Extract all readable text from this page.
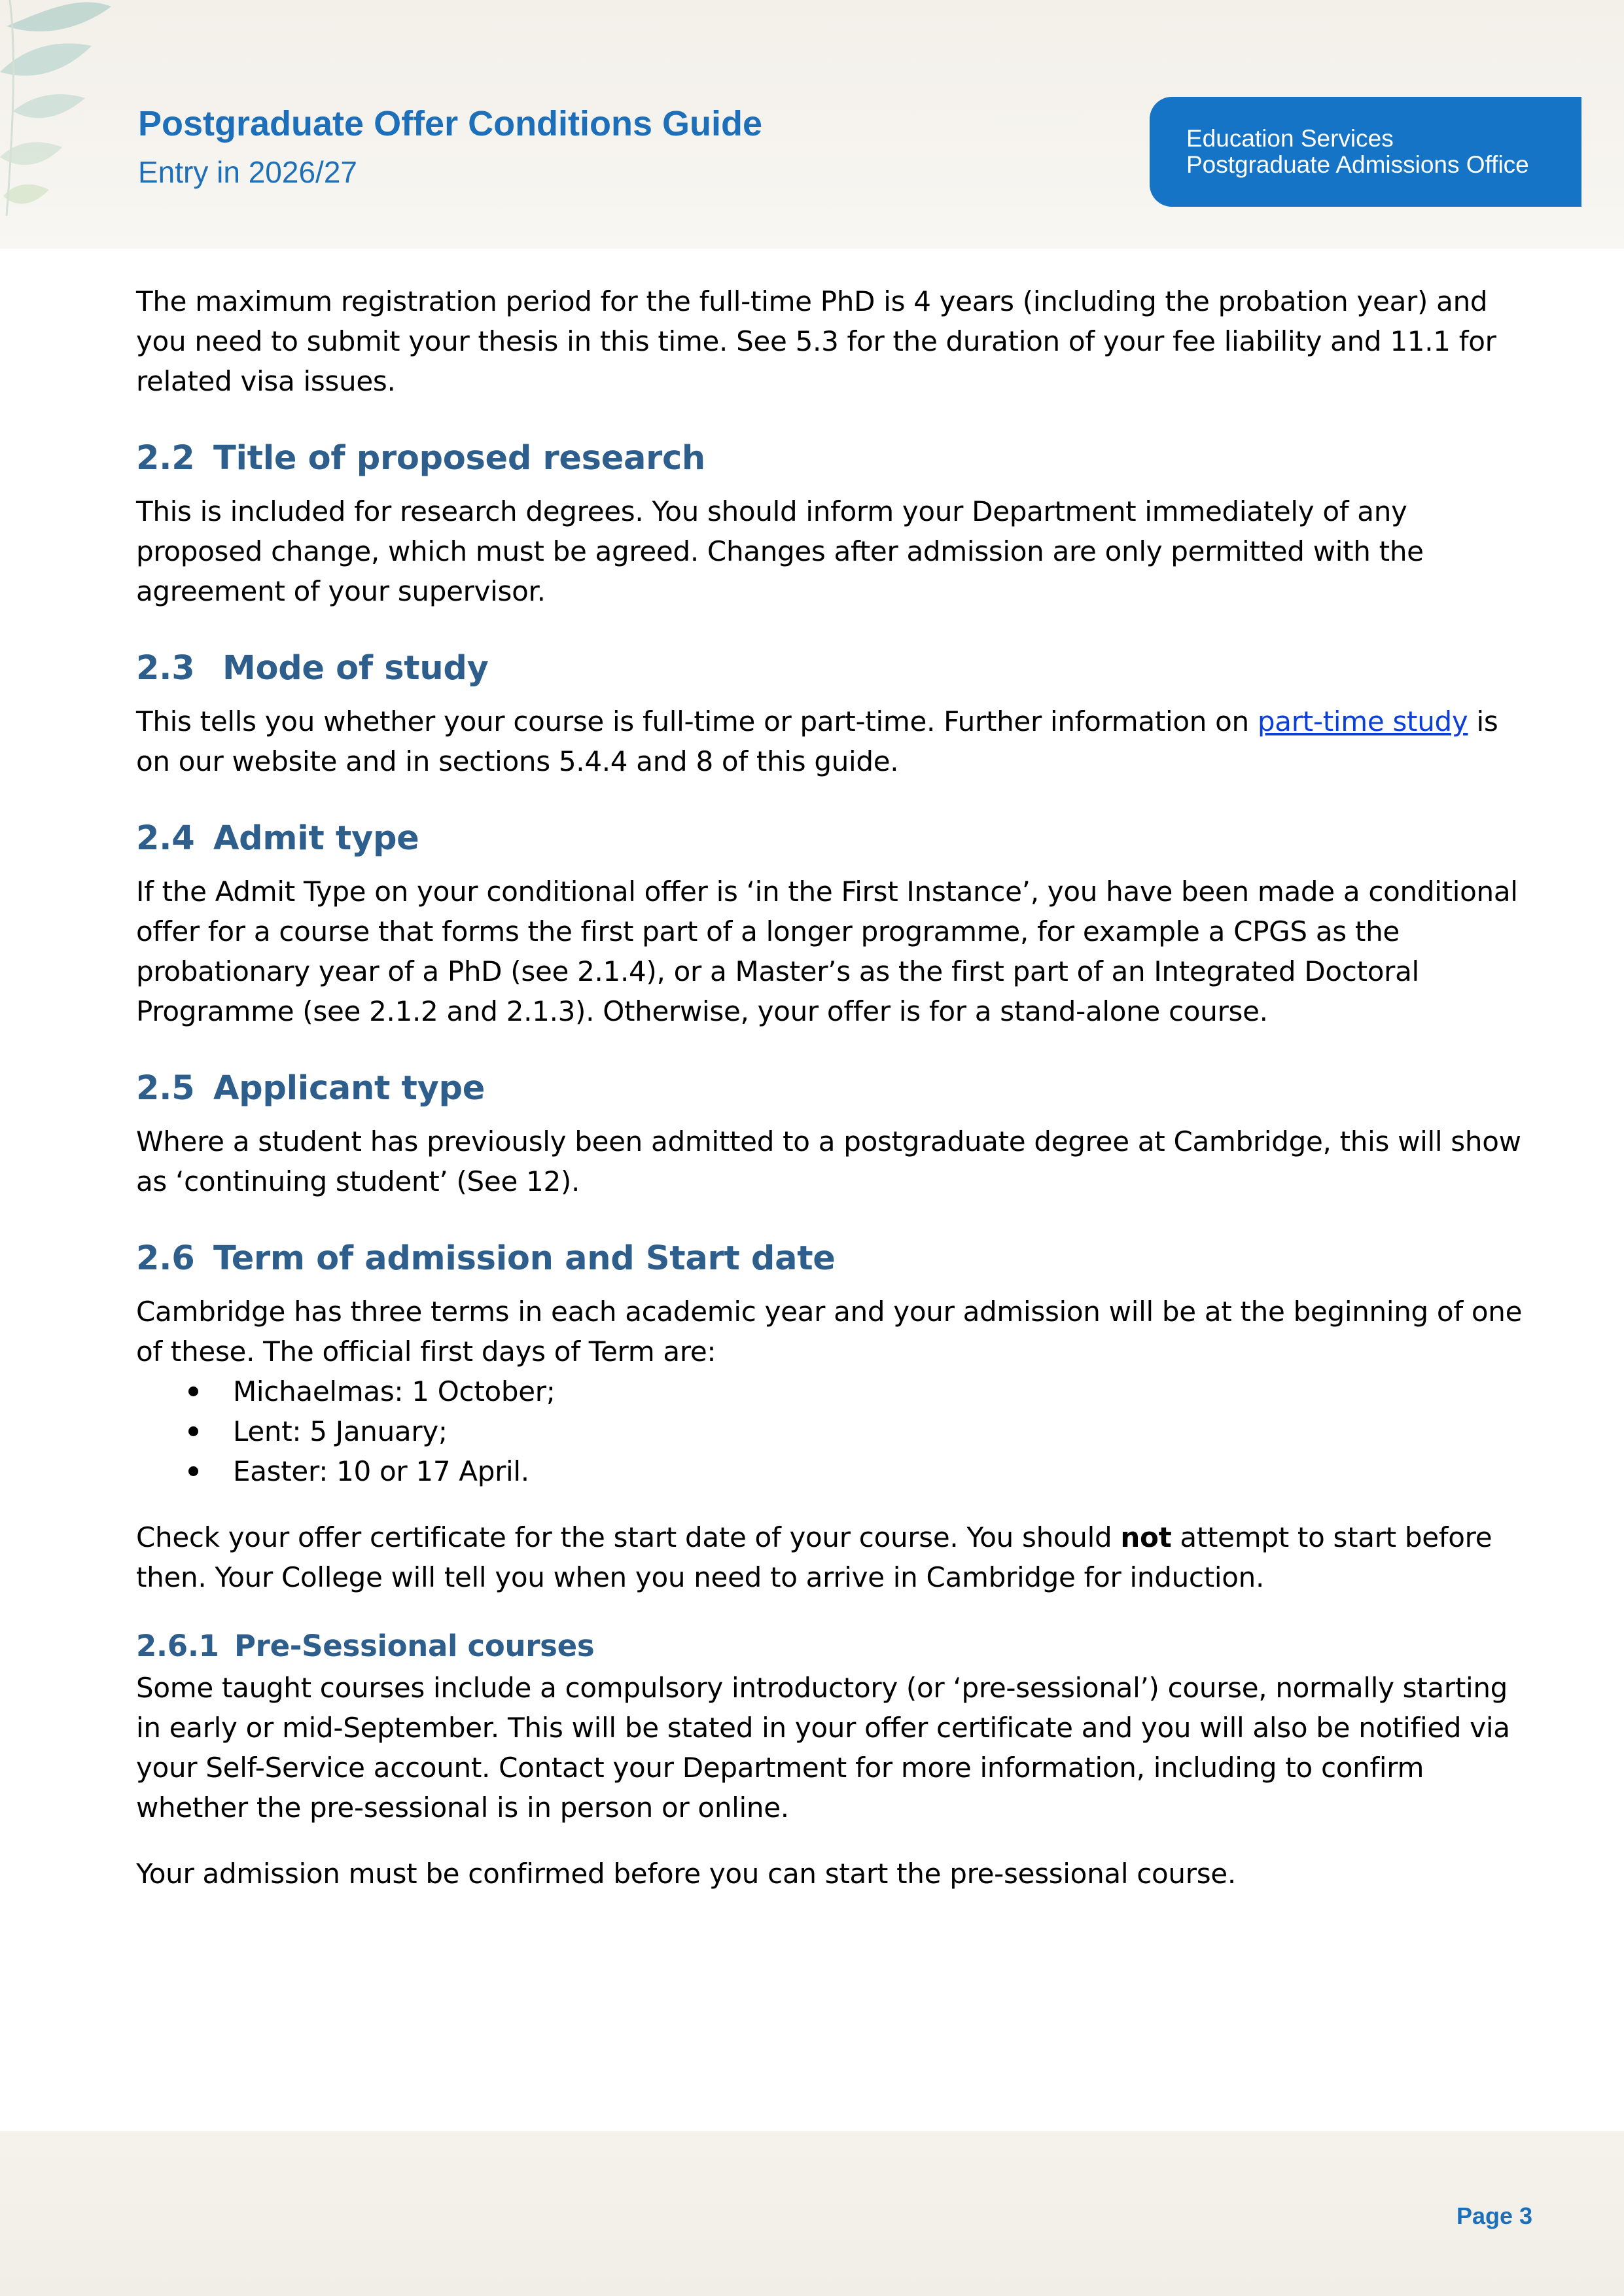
Postgraduate Offer Conditions Guide
Entry in 2026/27
Education Services
Postgraduate Admissions Office

The maximum registration period for the full-time PhD is 4 years (including the probation year) and you need to submit your thesis in this time. See 5.3 for the duration of your fee liability and 11.1 for related visa issues.

2.2 Title of proposed research

This is included for research degrees. You should inform your Department immediately of any proposed change, which must be agreed. Changes after admission are only permitted with the agreement of your supervisor.

2.3 Mode of study

This tells you whether your course is full-time or part-time. Further information on part-time study is on our website and in sections 5.4.4 and 8 of this guide.

2.4 Admit type

If the Admit Type on your conditional offer is ‘in the First Instance’, you have been made a conditional offer for a course that forms the first part of a longer programme, for example a CPGS as the probationary year of a PhD (see 2.1.4), or a Master’s as the first part of an Integrated Doctoral Programme (see 2.1.2 and 2.1.3). Otherwise, your offer is for a stand-alone course.

2.5 Applicant type

Where a student has previously been admitted to a postgraduate degree at Cambridge, this will show as ‘continuing student’ (See 12).

2.6 Term of admission and Start date

Cambridge has three terms in each academic year and your admission will be at the beginning of one of these. The official first days of Term are:

Michaelmas: 1 October;
Lent: 5 January;
Easter: 10 or 17 April.

Check your offer certificate for the start date of your course. You should not attempt to start before then. Your College will tell you when you need to arrive in Cambridge for induction.

2.6.1 Pre-Sessional courses

Some taught courses include a compulsory introductory (or ‘pre-sessional’) course, normally starting in early or mid-September. This will be stated in your offer certificate and you will also be notified via your Self-Service account. Contact your Department for more information, including to confirm whether the pre-sessional is in person or online.

Your admission must be confirmed before you can start the pre-sessional course.

Page 3
